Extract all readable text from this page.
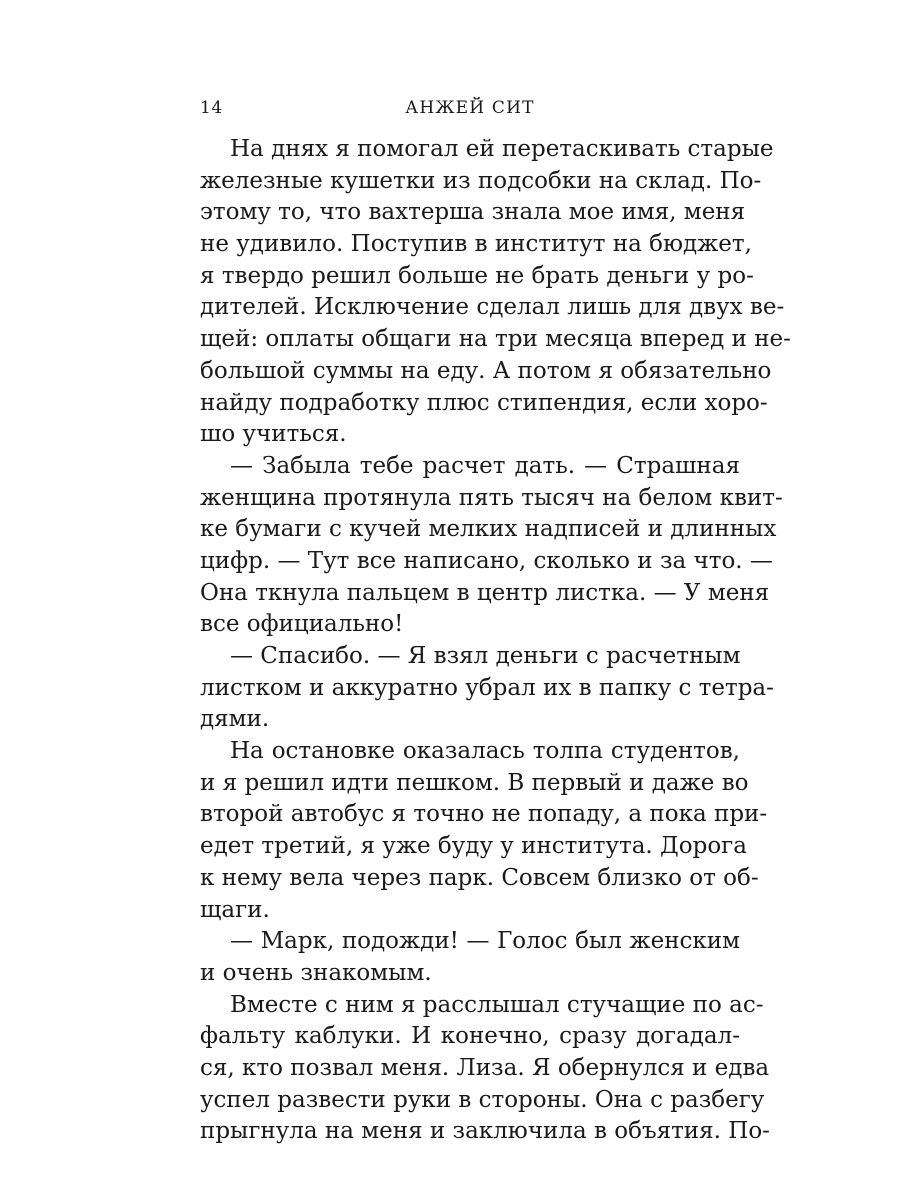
14	АНЖЕЙ СИТ
На днях я помогал ей перетаскивать старые
железные кушетки из подсобки на склад. По-
этому то, что вахтерша знала мое имя, меня
не удивило. Поступив в институт на бюджет,
я твердо решил больше не брать деньги у ро-
дителей. Исключение сделал лишь для двух ве-
щей: оплаты общаги на три месяца вперед и не-
большой суммы на еду. А потом я обязательно
найду подработку плюс стипендия, если хоро-
шо учиться.
— Забыла тебе расчет дать. — Страшная
женщина протянула пять тысяч на белом квит-
ке бумаги с кучей мелких надписей и длинных
цифр. — Тут все написано, сколько и за что. —
Она ткнула пальцем в центр листка. — У меня
все официально!
— Спасибо. — Я взял деньги с расчетным
листком и аккуратно убрал их в папку с тетра-
дями.
На остановке оказалась толпа студентов,
и я решил идти пешком. В первый и даже во
второй автобус я точно не попаду, а пока при-
едет третий, я уже буду у института. Дорога
к нему вела через парк. Совсем близко от об-
щаги.
— Марк, подожди! — Голос был женским
и очень знакомым.
Вместе с ним я расслышал стучащие по ас-
фальту каблуки. И конечно, сразу догадал-
ся, кто позвал меня. Лиза. Я обернулся и едва
успел развести руки в стороны. Она с разбегу
прыгнула на меня и заключила в объятия. По-
